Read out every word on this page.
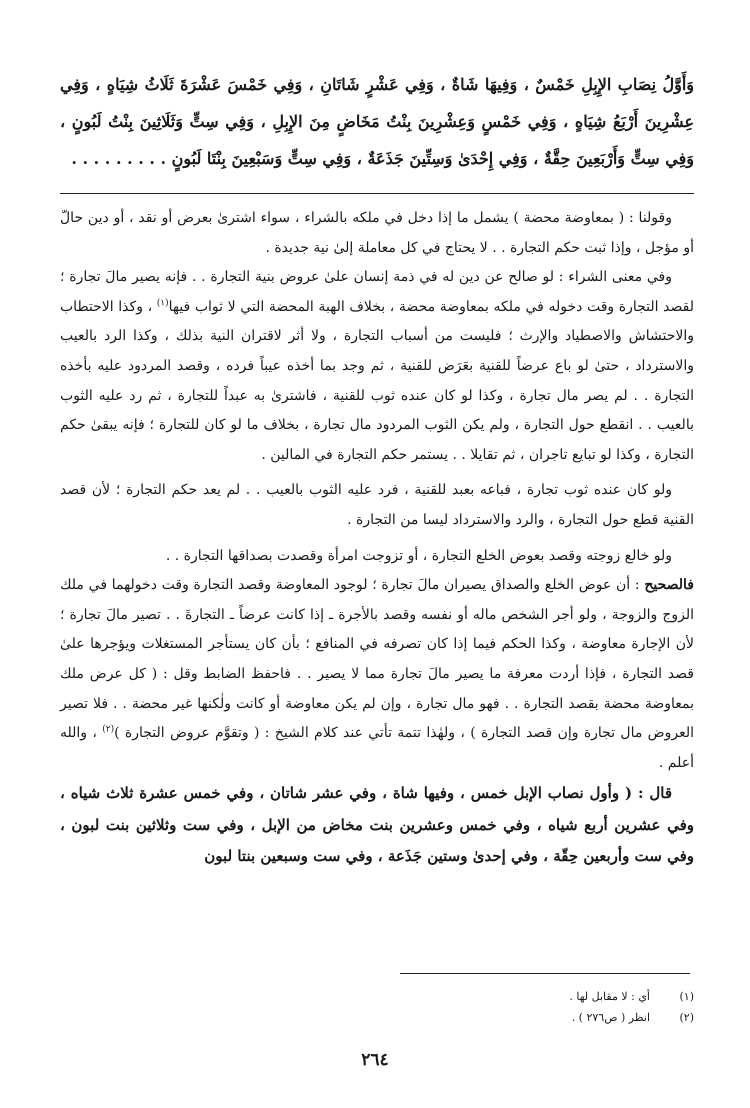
وَأَوَّلُ نِصَابِ الإِبِلِ خَمْسٌ ، وَفِيهَا شَاةٌ ، وَفِي عَشْرٍ شَاتَانِ ، وَفِي خَمْسَ عَشْرَةَ ثَلَاثُ شِيَاهٍ ، وَفِي عِشْرِينَ أَرْبَعُ شِيَاهٍ ، وَفِي خَمْسٍ وَعِشْرِينَ بِنْتُ مَخَاضٍ مِنَ الإِبِلِ ، وَفِي سِتٍّ وَثَلَاثِينَ بِنْتُ لَبُونٍ ، وَفِي سِتٍّ وَأَرْبَعِينَ حِقَّةٌ ، وَفِي إِحْدَىٰ وَسِتِّينَ جَذَعَةٌ ، وَفِي سِتٍّ وَسَبْعِينَ بِنْتَا لَبُونٍ . . . . . . . . .

وقولنا : ( بمعاوضة محضة ) يشمل ما إذا دخل في ملكه بالشراء ، سواء اشترىٰ بعرض أو نقد ، أو دين حالّ أو مؤجل ، وإذا ثبت حكم التجارة . . لا يحتاج في كل معاملة إلىٰ نية جديدة .

وفي معنى الشراء : لو صالح عن دين له في ذمة إنسان علىٰ عروض بنية التجارة . . فإنه يصير مالَ تجارة ؛ لقصد التجارة وقت دخوله في ملكه بمعاوضة محضة ، بخلاف الهبة المحضة التي لا ثواب فيها$^{(١)}$ ، وكذا الاحتطاب والاحتشاش والاصطياد والإرث ؛ فليست من أسباب التجارة ، ولا أثر لاقتران النية بذلك ، وكذا الرد بالعيب والاسترداد ، حتىٰ لو باع عرضاً للقنية بعَرَض للقنية ، ثم وجد بما أخذه عيباً فرده ، وقصد المردود عليه بأخذه التجارة . . لم يصر مال تجارة ، وكذا لو كان عنده ثوب للقنية ، فاشترىٰ به عبداً للتجارة ، ثم رد عليه الثوب بالعيب . . انقطع حول التجارة ، ولم يكن الثوب المردود مال تجارة ، بخلاف ما لو كان للتجارة ؛ فإنه يبقىٰ حكم التجارة ، وكذا لو تبايع تاجران ، ثم تقايلا . . يستمر حكم التجارة في المالين .

ولو كان عنده ثوب تجارة ، فباعه بعبد للقنية ، فرد عليه الثوب بالعيب . . لم يعد حكم التجارة ؛ لأن قصد القنية قطع حول التجارة ، والرد والاسترداد ليسا من التجارة .

ولو خالع زوجته وقصد بعوض الخلع التجارة ، أو تزوجت امرأة وقصدت بصداقها التجارة . .

فالصحيح : أن عوض الخلع والصداق يصيران مالَ تجارة ؛ لوجود المعاوضة وقصد التجارة وقت دخولهما في ملك الزوج والزوجة ، ولو أجر الشخص ماله أو نفسه وقصد بالأجرة ـ إذا كانت عرضاً ـ التجارةَ . . تصير مالَ تجارة ؛ لأن الإجارة معاوضة ، وكذا الحكم فيما إذا كان تصرفه في المنافع ؛ بأن كان يستأجر المستغلات ويؤجرها علىٰ قصد التجارة ، فإذا أردت معرفة ما يصير مالَ تجارة مما لا يصير . . فاحفظ الضابط وقل : ( كل عرض ملك بمعاوضة محضة بقصد التجارة . . فهو مال تجارة ، وإن لم يكن معاوضة أو كانت ولٰكنها غير محضة . . فلا تصير العروض مال تجارة وإن قصد التجارة ) ، ولهٰذا تتمة تأتي عند كلام الشيخ : ( وتقوَّم عروض التجارة )$^{(٢)}$ ، والله أعلم .

قال : ( وأول نصاب الإبل خمس ، وفيها شاة ، وفي عشر شاتان ، وفي خمس عشرة ثلاث شياه ، وفي عشرين أربع شياه ، وفي خمس وعشرين بنت مخاض من الإبل ، وفي ست وثلاثين بنت لبون ، وفي ست وأربعين حِقّة ، وفي إحدىٰ وستين جَذَعة ، وفي ست وسبعين بنتا لبون

(١)
أي : لا مقابل لها .
(٢)
انظر ( ص٢٧٦ ) .
٢٦٤
